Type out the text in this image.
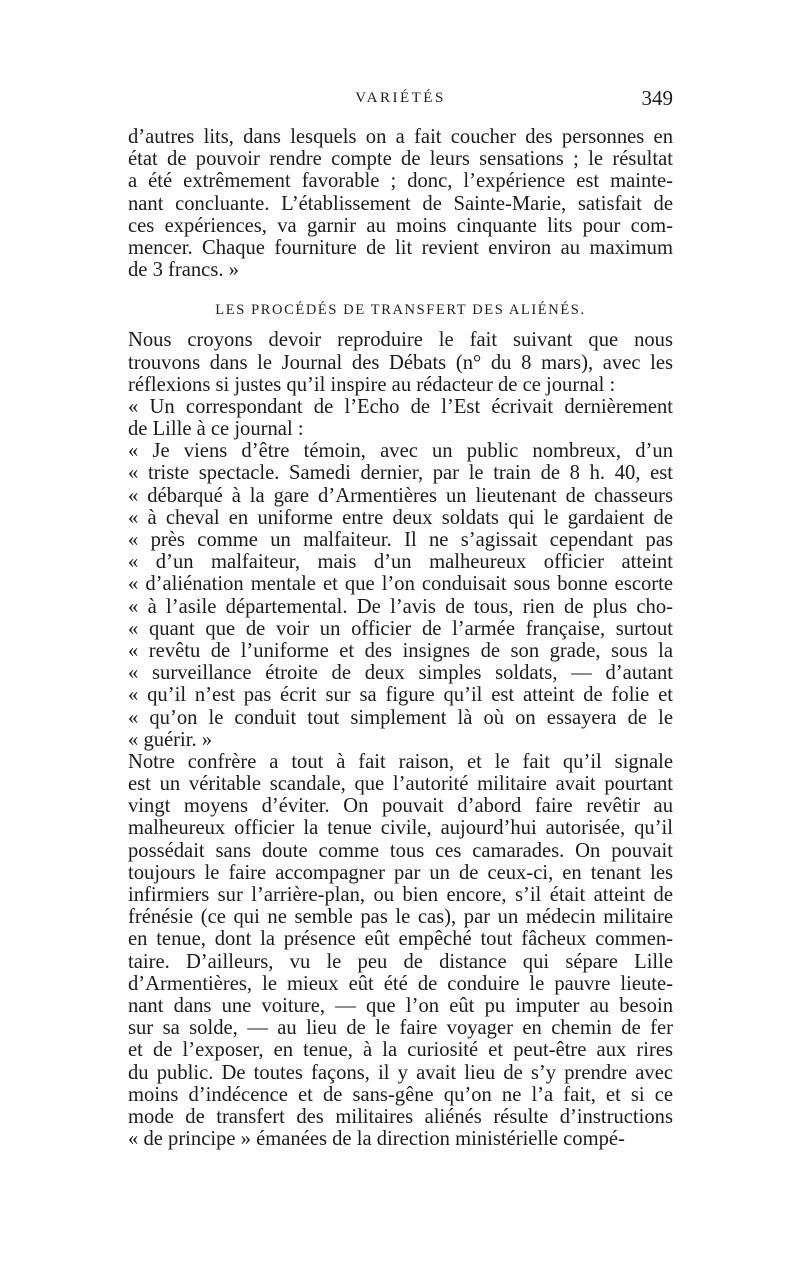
VARIÉTÉS	349
d’autres lits, dans lesquels on a fait coucher des personnes en
état de pouvoir rendre compte de leurs sensations ; le résultat
a été extrêmement favorable ; donc, l’expérience est mainte-
nant concluante. L’établissement de Sainte-Marie, satisfait de
ces expériences, va garnir au moins cinquante lits pour com-
mencer. Chaque fourniture de lit revient environ au maximum
de 3 francs. »
LES PROCÉDÉS DE TRANSFERT DES ALIÉNÉS.
Nous croyons devoir reproduire le fait suivant que nous
trouvons dans le Journal des Débats (n° du 8 mars), avec les
réflexions si justes qu’il inspire au rédacteur de ce journal :
« Un correspondant de l’Echo de l’Est écrivait dernièrement
de Lille à ce journal :
« Je viens d’être témoin, avec un public nombreux, d’un
« triste spectacle. Samedi dernier, par le train de 8 h. 40, est
« débarqué à la gare d’Armentières un lieutenant de chasseurs
« à cheval en uniforme entre deux soldats qui le gardaient de
« près comme un malfaiteur. Il ne s’agissait cependant pas
« d’un malfaiteur, mais d’un malheureux officier atteint
« d’aliénation mentale et que l’on conduisait sous bonne escorte
« à l’asile départemental. De l’avis de tous, rien de plus cho-
« quant que de voir un officier de l’armée française, surtout
« revêtu de l’uniforme et des insignes de son grade, sous la
« surveillance étroite de deux simples soldats, — d’autant
« qu’il n’est pas écrit sur sa figure qu’il est atteint de folie et
« qu’on le conduit tout simplement là où on essayera de le
« guérir. »
Notre confrère a tout à fait raison, et le fait qu’il signale
est un véritable scandale, que l’autorité militaire avait pourtant
vingt moyens d’éviter. On pouvait d’abord faire revêtir au
malheureux officier la tenue civile, aujourd’hui autorisée, qu’il
possédait sans doute comme tous ces camarades. On pouvait
toujours le faire accompagner par un de ceux-ci, en tenant les
infirmiers sur l’arrière-plan, ou bien encore, s’il était atteint de
frénésie (ce qui ne semble pas le cas), par un médecin militaire
en tenue, dont la présence eût empêché tout fâcheux commen-
taire. D’ailleurs, vu le peu de distance qui sépare Lille
d’Armentières, le mieux eût été de conduire le pauvre lieute-
nant dans une voiture, — que l’on eût pu imputer au besoin
sur sa solde, — au lieu de le faire voyager en chemin de fer
et de l’exposer, en tenue, à la curiosité et peut-être aux rires
du public. De toutes façons, il y avait lieu de s’y prendre avec
moins d’indécence et de sans-gêne qu’on ne l’a fait, et si ce
mode de transfert des militaires aliénés résulte d’instructions
« de principe » émanées de la direction ministérielle compé-
